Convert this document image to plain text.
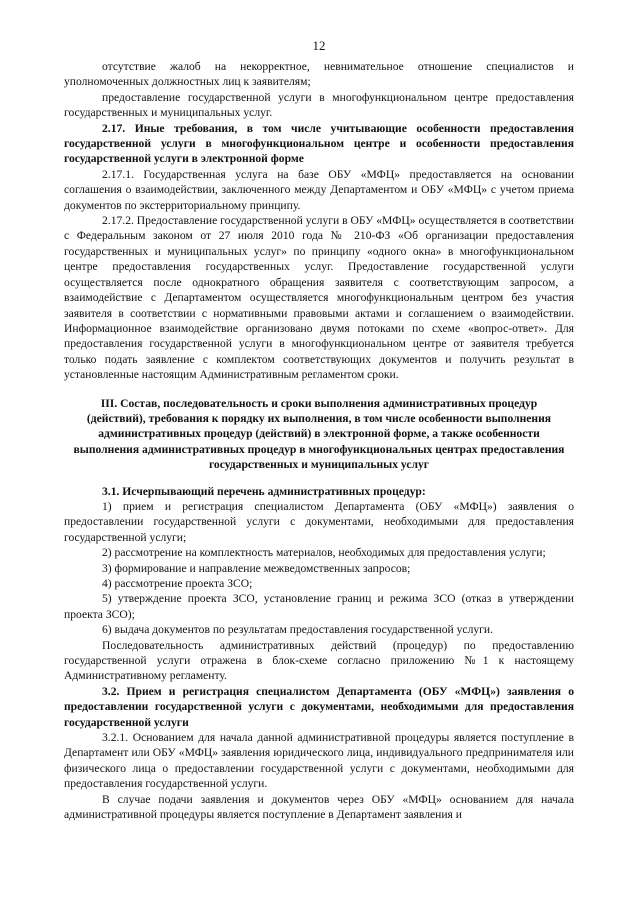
12

отсутствие жалоб на некорректное, невнимательное отношение специалистов и уполномоченных должностных лиц к заявителям;

предоставление государственной услуги в многофункциональном центре предоставления государственных и муниципальных услуг.

2.17. Иные требования, в том числе учитывающие особенности предоставления государственной услуги в многофункциональном центре и особенности предоставления государственной услуги в электронной форме

2.17.1. Государственная услуга на базе ОБУ «МФЦ» предоставляется на основании соглашения о взаимодействии, заключенного между Департаментом и ОБУ «МФЦ» с учетом приема документов по экстерриториальному принципу.

2.17.2. Предоставление государственной услуги в ОБУ «МФЦ» осуществляется в соответствии с Федеральным законом от 27 июля 2010 года № 210-ФЗ «Об организации предоставления государственных и муниципальных услуг» по принципу «одного окна» в многофункциональном центре предоставления государственных услуг. Предоставление государственной услуги осуществляется после однократного обращения заявителя с соответствующим запросом, а взаимодействие с Департаментом осуществляется многофункциональным центром без участия заявителя в соответствии с нормативными правовыми актами и соглашением о взаимодействии. Информационное взаимодействие организовано двумя потоками по схеме «вопрос-ответ». Для предоставления государственной услуги в многофункциональном центре от заявителя требуется только подать заявление с комплектом соответствующих документов и получить результат в установленные настоящим Административным регламентом сроки.

III. Состав, последовательность и сроки выполнения административных процедур (действий), требования к порядку их выполнения, в том числе особенности выполнения административных процедур (действий) в электронной форме, а также особенности выполнения административных процедур в многофункциональных центрах предоставления государственных и муниципальных услуг

3.1. Исчерпывающий перечень административных процедур:

1) прием и регистрация специалистом Департамента (ОБУ «МФЦ») заявления о предоставлении государственной услуги с документами, необходимыми для предоставления государственной услуги;

2) рассмотрение на комплектность материалов, необходимых для предоставления услуги;

3) формирование и направление межведомственных запросов;

4) рассмотрение проекта ЗСО;

5) утверждение проекта ЗСО, установление границ и режима ЗСО (отказ в утверждении проекта ЗСО);

6) выдача документов по результатам предоставления государственной услуги.

Последовательность административных действий (процедур) по предоставлению государственной услуги отражена в блок-схеме согласно приложению №1 к настоящему Административному регламенту.

3.2. Прием и регистрация специалистом Департамента (ОБУ «МФЦ») заявления о предоставлении государственной услуги с документами, необходимыми для предоставления государственной услуги

3.2.1. Основанием для начала данной административной процедуры является поступление в Департамент или ОБУ «МФЦ» заявления юридического лица, индивидуального предпринимателя или физического лица о предоставлении государственной услуги с документами, необходимыми для предоставления государственной услуги.

В случае подачи заявления и документов через ОБУ «МФЦ» основанием для начала административной процедуры является поступление в Департамент заявления и
